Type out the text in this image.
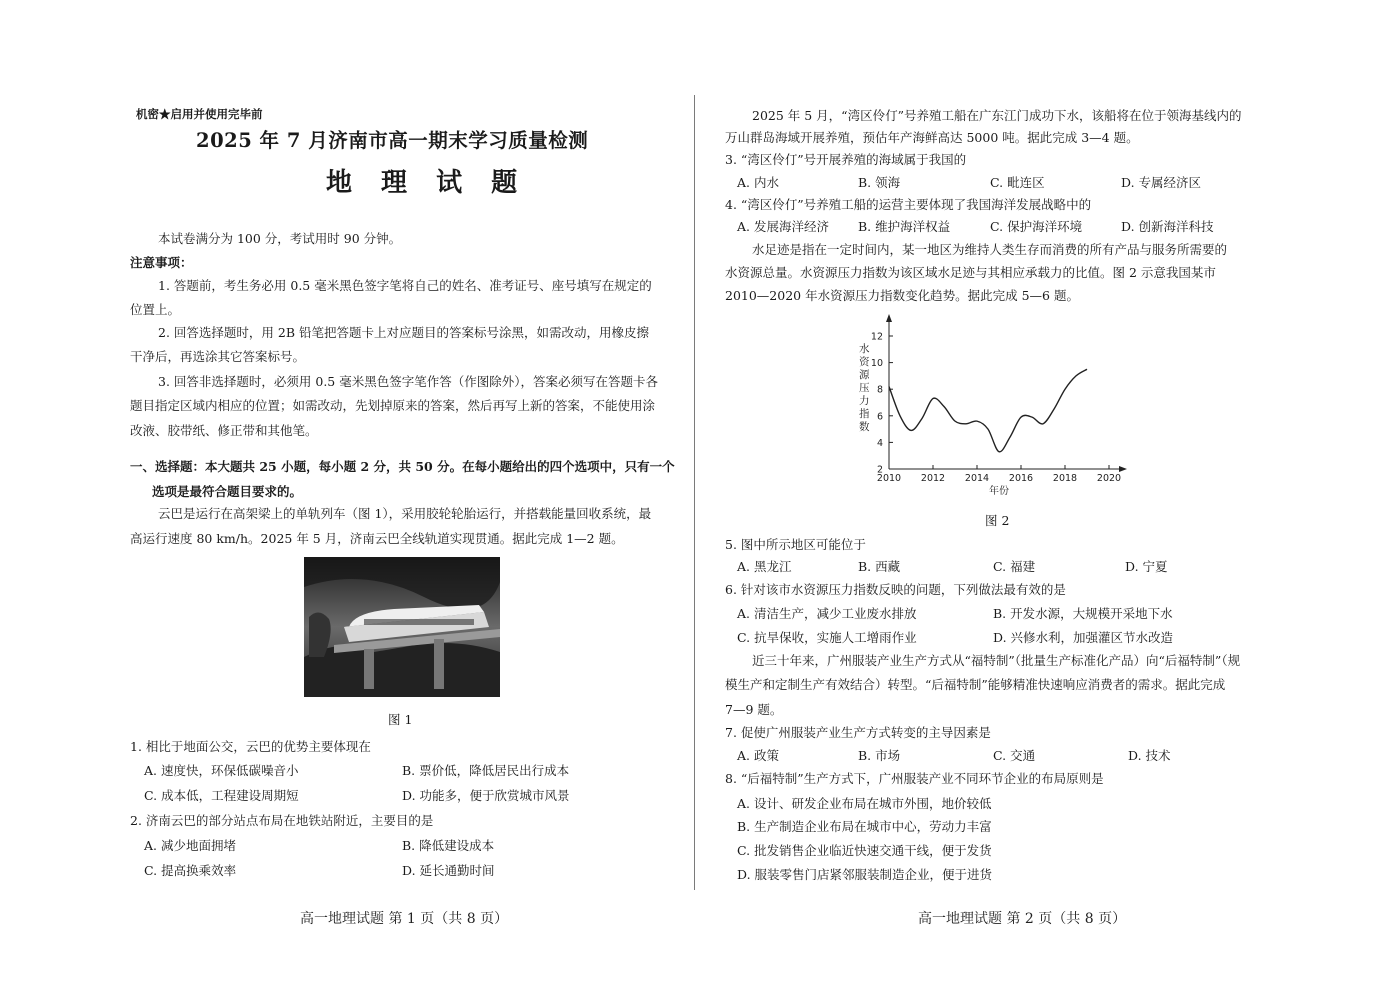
机密★启用并使用完毕前
2025 年 7 月济南市高一期末学习质量检测
地 理 试 题
本试卷满分为 100 分，考试用时 90 分钟。
注意事项：
1. 答题前，考生务必用 0.5 毫米黑色签字笔将自己的姓名、准考证号、座号填写在规定的
位置上。
2. 回答选择题时，用 2B 铅笔把答题卡上对应题目的答案标号涂黑，如需改动，用橡皮擦
干净后，再选涂其它答案标号。
3. 回答非选择题时，必须用 0.5 毫米黑色签字笔作答（作图除外），答案必须写在答题卡各
题目指定区域内相应的位置；如需改动，先划掉原来的答案，然后再写上新的答案，不能使用涂
改液、胶带纸、修正带和其他笔。
一、选择题：本大题共 25 小题，每小题 2 分，共 50 分。在每小题给出的四个选项中，只有一个
选项是最符合题目要求的。
云巴是运行在高架梁上的单轨列车（图 1），采用胶轮轮胎运行，并搭载能量回收系统，最
高运行速度 80 km/h。2025 年 5 月，济南云巴全线轨道实现贯通。据此完成 1—2 题。
图 1
1. 相比于地面公交，云巴的优势主要体现在
A. 速度快，环保低碳噪音小	B. 票价低，降低居民出行成本
C. 成本低，工程建设周期短	D. 功能多，便于欣赏城市风景
2. 济南云巴的部分站点布局在地铁站附近，主要目的是
A. 减少地面拥堵	B. 降低建设成本
C. 提高换乘效率	D. 延长通勤时间
高一地理试题 第 1 页（共 8 页）
2025 年 5 月，“湾区伶仃”号养殖工船在广东江门成功下水，该船将在位于领海基线内的
万山群岛海域开展养殖，预估年产海鲜高达 5000 吨。据此完成 3—4 题。
3. “湾区伶仃”号开展养殖的海域属于我国的
A. 内水	B. 领海	C. 毗连区	D. 专属经济区
4. “湾区伶仃”号养殖工船的运营主要体现了我国海洋发展战略中的
A. 发展海洋经济 B. 维护海洋权益	C. 保护海洋环境	D. 创新海洋科技
水足迹是指在一定时间内，某一地区为维持人类生存而消费的所有产品与服务所需要的
水资源总量。水资源压力指数为该区域水足迹与其相应承载力的比值。图 2 示意我国某市
2010—2020 年水资源压力指数变化趋势。据此完成 5—6 题。
水资源压力指数
2
4
6
8
10
12
2010 2012 2014 2016 2018 2020
年份
图 2
5. 图中所示地区可能位于
A. 黑龙江	B. 西藏	C. 福建	D. 宁夏
6. 针对该市水资源压力指数反映的问题，下列做法最有效的是
A. 清洁生产，减少工业废水排放	B. 开发水源，大规模开采地下水
C. 抗旱保收，实施人工增雨作业	D. 兴修水利，加强灌区节水改造
近三十年来，广州服装产业生产方式从“福特制”（批量生产标准化产品）向“后福特制”（规
模生产和定制生产有效结合）转型。“后福特制”能够精准快速响应消费者的需求。据此完成
7—9 题。
7. 促使广州服装产业生产方式转变的主导因素是
A. 政策	B. 市场	C. 交通	D. 技术
8. “后福特制”生产方式下，广州服装产业不同环节企业的布局原则是
A. 设计、研发企业布局在城市外围，地价较低
B. 生产制造企业布局在城市中心，劳动力丰富
C. 批发销售企业临近快速交通干线，便于发货
D. 服装零售门店紧邻服装制造企业，便于进货
高一地理试题 第 2 页（共 8 页）
